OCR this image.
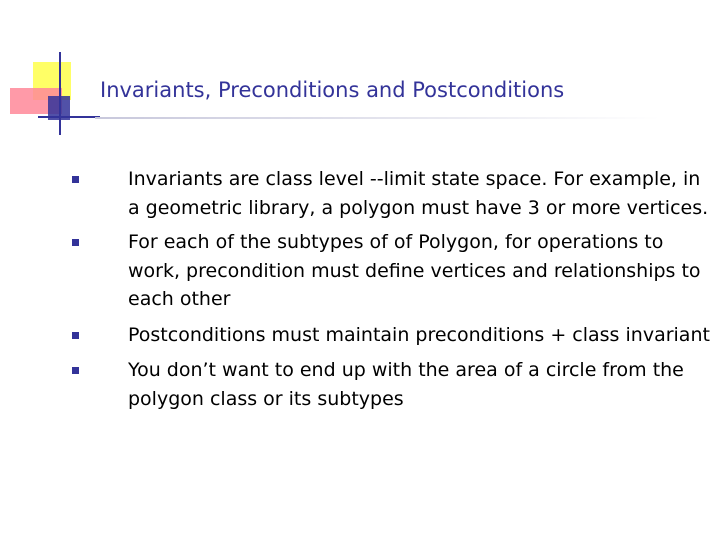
Invariants, Preconditions and Postconditions
Invariants are class level --limit state space. For example, in a geometric library, a polygon must have 3 or more vertices.
For each of the subtypes of of Polygon, for operations to work, precondition must define vertices and relationships to each other
Postconditions must maintain preconditions + class invariant
You don’t want to end up with the area of a circle from the polygon class or its subtypes
